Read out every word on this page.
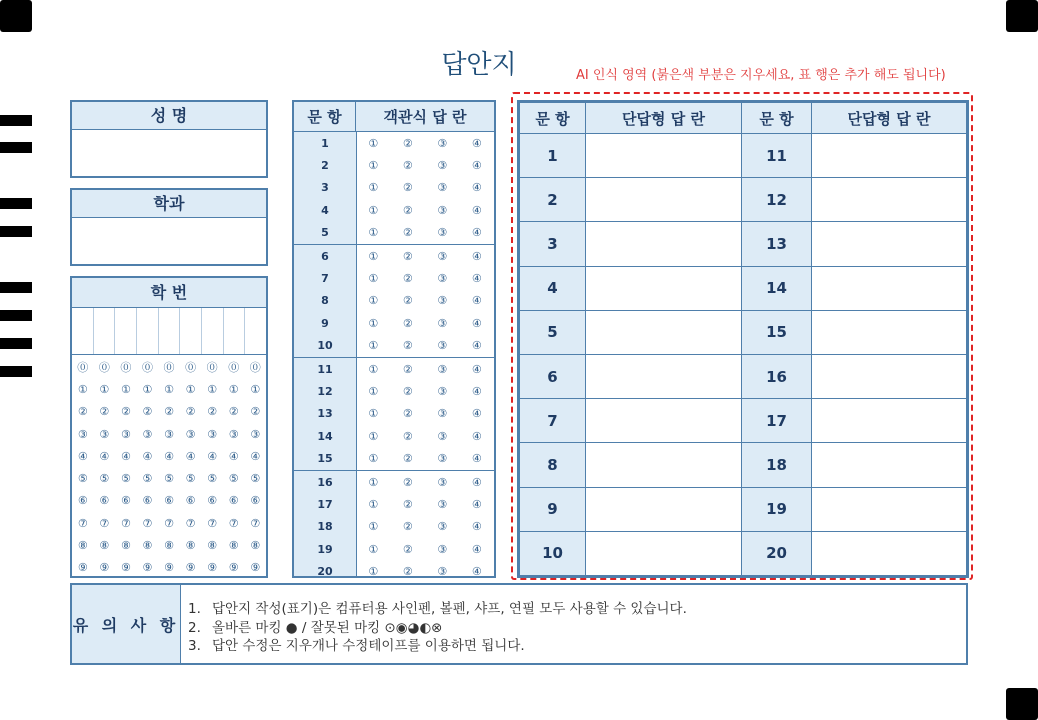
답안지	AI 인식 영역 (붉은색 부분은 지우세요, 표 행은 추가 해도 됩니다)
성 명
학과
학 번
⓪ ⓪ ⓪ ⓪ ⓪ ⓪ ⓪ ⓪ ⓪
①	①	①	①	①	①	①	①	①
②	②	②	②	②	②	②	②	②
③	③	③	③	③	③	③	③	③
④	④	④	④	④	④	④	④	④
⑤	⑤	⑤	⑤	⑤	⑤	⑤	⑤	⑤
⑥	⑥	⑥	⑥	⑥	⑥	⑥	⑥	⑥
⑦	⑦	⑦	⑦	⑦	⑦	⑦	⑦	⑦
⑧	⑧	⑧	⑧	⑧	⑧	⑧	⑧	⑧
⑨	⑨	⑨	⑨	⑨	⑨	⑨	⑨	⑨
문 항	객관식 답 란
1	①	②	③	④
2	①	②	③	④
3	①	②	③	④
4	①	②	③	④
5	①	②	③	④
6	①	②	③	④
7	①	②	③	④
8	①	②	③	④
9	①	②	③	④
10	①	②	③	④
11	①	②	③	④
12	①	②	③	④
13	①	②	③	④
14	①	②	③	④
15	①	②	③	④
16	①	②	③	④
17	①	②	③	④
18	①	②	③	④
19	①	②	③	④
20	①	②	③	④
문 항	단답형 답 란	문 항	단답형 답 란
1		11	
2		12	
3		13	
4		14	
5		15	
6		16	
7		17	
8		18	
9		19	
10		20	
유 의 사 항
1. 답안지 작성(표기)은 컴퓨터용 사인펜, 볼펜, 샤프, 연필 모두 사용할 수 있습니다.
2. 올바른 마킹 ● / 잘못된 마킹 ⊙◉◕◐⊗
3. 답안 수정은 지우개나 수정테이프를 이용하면 됩니다.
